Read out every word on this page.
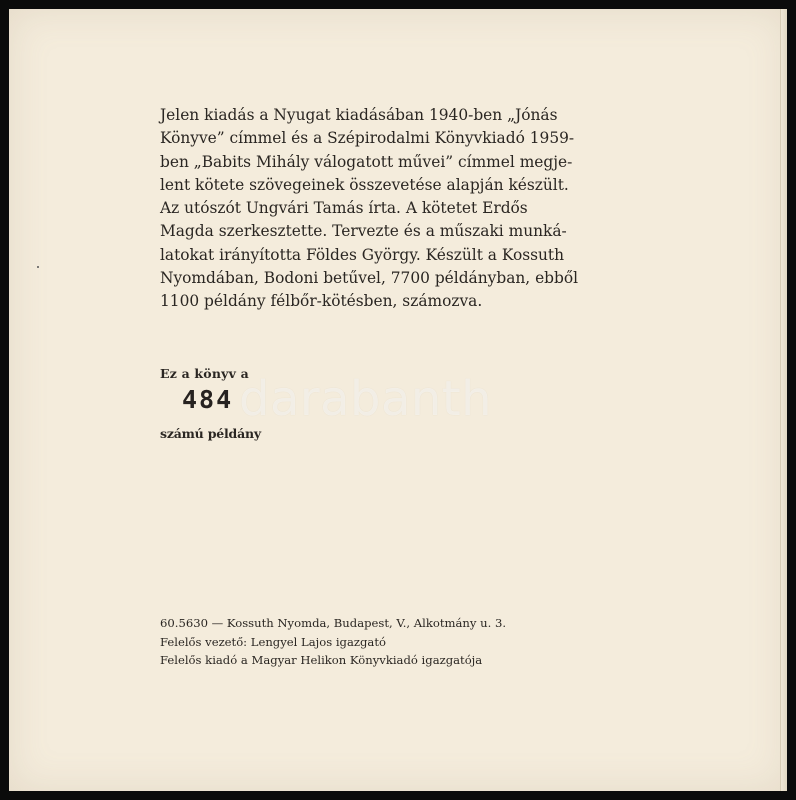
Jelen kiadás a Nyugat kiadásában 1940-ben „Jónás

Könyve” címmel és a Szépirodalmi Könyvkiadó 1959-

ben „Babits Mihály válogatott művei” címmel megje-

lent kötete szövegeinek összevetése alapján készült.

Az utószót Ungvári Tamás írta. A kötetet Erdős

Magda szerkesztette. Tervezte és a műszaki munká-

latokat irányította Földes György. Készült a Kossuth

Nyomdában, Bodoni betűvel, 7700 példányban, ebből

1100 példány félbőr-kötésben, számozva.

Ez a könyv a
484
számú példány
darabanth
60.5630 — Kossuth Nyomda, Budapest, V., Alkotmány u. 3.
Felelős vezető: Lengyel Lajos igazgató
Felelős kiadó a Magyar Helikon Könyvkiadó igazgatója
